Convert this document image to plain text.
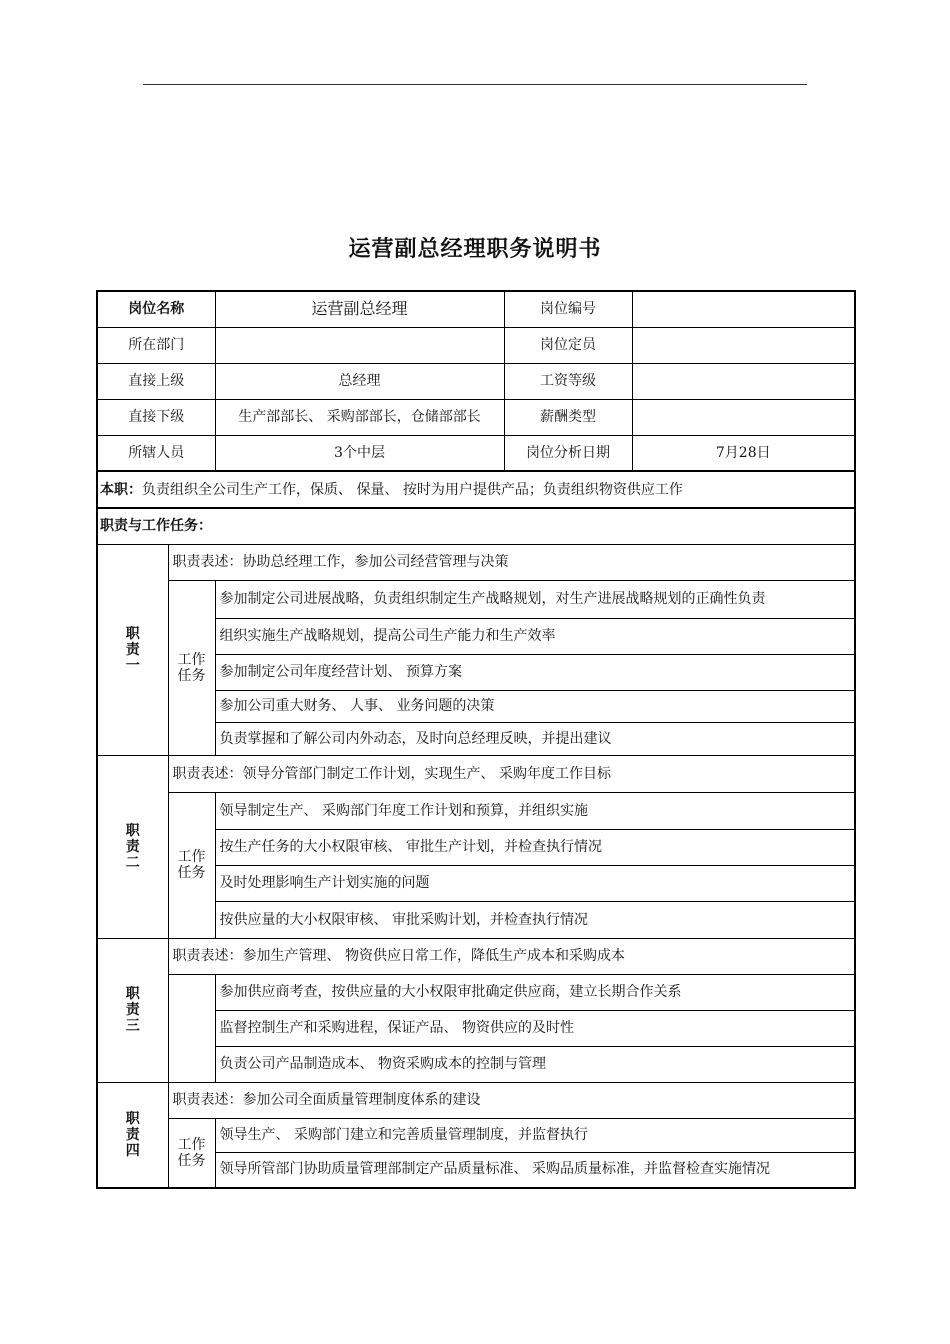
运营副总经理职务说明书
岗位名称		运营副总经理	岗位编号	
所在部门			岗位定员	
直接上级		总经理	工资等级	
直接下级		生产部部长、 采购部部长，仓储部部长	薪酬类型	
所辖人员		3个中层	岗位分析日期	7月28日
本职：负责组织全公司生产工作，保质、 保量、 按时为用户提供产品；负责组织物资供应工作				
职责与工作任务：				

职
责
一	职责表述：协助总经理工作，参加公司经营管理与决策			

	工作
任务	参加制定公司进展战略，负责组织制定生产战略规划，对生产进展战略规划的正确性负责		
		组织实施生产战略规划，提高公司生产能力和生产效率		
		参加制定公司年度经营计划、 预算方案		
		参加公司重大财务、 人事、 业务问题的决策		
		负责掌握和了解公司内外动态，及时向总经理反映，并提出建议		

职
责
二	职责表述：领导分管部门制定工作计划，实现生产、 采购年度工作目标			

	工作
任务	领导制定生产、 采购部门年度工作计划和预算，并组织实施		
		按生产任务的大小权限审核、 审批生产计划，并检查执行情况		
		及时处理影响生产计划实施的问题		
		按供应量的大小权限审核、 审批采购计划，并检查执行情况		

职
责
三	职责表述：参加生产管理、 物资供应日常工作，降低生产成本和采购成本			
		参加供应商考查，按供应量的大小权限审批确定供应商，建立长期合作关系		
		监督控制生产和采购进程，保证产品、 物资供应的及时性		
		负责公司产品制造成本、 物资采购成本的控制与管理		

职
责
四	职责表述：参加公司全面质量管理制度体系的建设			

	工作
任务	领导生产、 采购部门建立和完善质量管理制度，并监督执行		
		领导所管部门协助质量管理部制定产品质量标准、 采购品质量标准，并监督检查实施情况		
